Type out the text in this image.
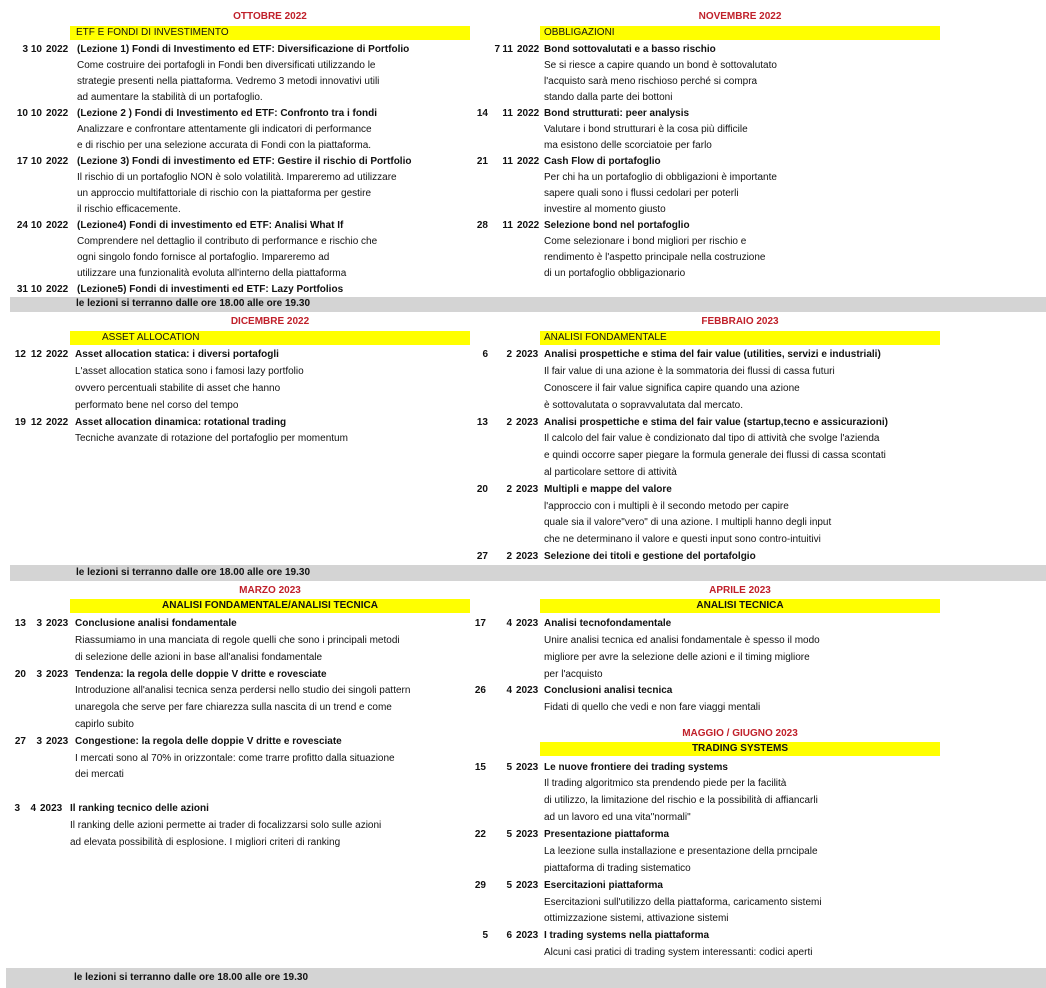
OTTOBRE 2022	NOVEMBRE 2022
ETF E FONDI DI INVESTIMENTO	OBBLIGAZIONI
3 10 2022 (Lezione 1) Fondi di Investimento ed ETF: Diversificazione di Portfolio
Come costruire dei portafogli in Fondi ben diversificati utilizzando le
strategie presenti nella piattaforma. Vedremo 3 metodi innovativi utili
ad aumentare la stabilità di un portafoglio.
10 10 2022 (Lezione 2 ) Fondi di Investimento ed ETF: Confronto tra i fondi
Analizzare e confrontare attentamente gli indicatori di performance
e di rischio per una selezione accurata di Fondi con la piattaforma.
17 10 2022 (Lezione 3) Fondi di investimento ed ETF: Gestire il rischio di Portfolio
Il rischio di un portafoglio NON è solo volatilità. Impareremo ad utilizzare
un approccio multifattoriale di rischio con la piattaforma per gestire
il rischio efficacemente.
24 10 2022 (Lezione4) Fondi di investimento ed ETF: Analisi What If
Comprendere nel dettaglio il contributo di performance e rischio che
ogni singolo fondo fornisce al portafoglio. Impareremo ad
utilizzare una funzionalità evoluta all'interno della piattaforma
31 10 2022 (Lezione5) Fondi di investimenti ed ETF: Lazy Portfolios
7 11 2022 Bond sottovalutati e a basso rischio
Se si riesce a capire quando un bond è sottovalutato
l'acquisto sarà meno rischioso perché si compra
stando dalla parte dei bottoni
14 11 2022 Bond strutturati: peer analysis
Valutare i bond strutturari è la cosa più difficile
ma esistono delle scorciatoie per farlo
21 11 2022 Cash Flow di portafoglio
Per chi ha un portafoglio di obbligazioni è importante
sapere quali sono i flussi cedolari per poterli
investire al momento giusto
28 11 2022 Selezione bond nel portafoglio
Come selezionare i bond migliori per rischio e
rendimento è l'aspetto principale nella costruzione
di un portafoglio obbligazionario
le lezioni si terranno dalle ore 18.00 alle ore 19.30
DICEMBRE 2022	FEBBRAIO 2023
ASSET ALLOCATION	ANALISI FONDAMENTALE
12 12 2022 Asset allocation statica: i diversi portafogli
L'asset allocation statica sono i famosi lazy portfolio
ovvero percentuali stabilite di asset che hanno
performato bene nel corso del tempo
19 12 2022 Asset allocation dinamica: rotational trading
Tecniche avanzate di rotazione del portafoglio per momentum
6	2 2023 Analisi prospettiche e stima del fair value (utilities, servizi e industriali)
Il fair value di una azione è la sommatoria dei flussi di cassa futuri
Conoscere il fair value significa capire quando una azione
è sottovalutata o sopravvalutata dal mercato.
13	2 2023 Analisi prospettiche e stima del fair value (startup,tecno e assicurazioni)
Il calcolo del fair value è condizionato dal tipo di attività che svolge l'azienda
e quindi occorre saper piegare la formula generale dei flussi di cassa scontati
al particolare settore di attività
20	2 2023 Multipli e mappe del valore
l'approccio con i multipli è il secondo metodo per capire
quale sia il valore"vero" di una azione. I multipli hanno degli input
che ne determinano il valore e questi input sono contro-intuitivi
27	2 2023 Selezione dei titoli e gestione del portafolgio
le lezioni si terranno dalle ore 18.00 alle ore 19.30
MARZO 2023	APRILE 2023
ANALISI FONDAMENTALE/ANALISI TECNICA	ANALISI TECNICA
13	3 2023 Conclusione analisi fondamentale
Riassumiamo in una manciata di regole quelli che sono i principali metodi
di selezione delle azioni in base all'analisi fondamentale
20	3 2023 Tendenza: la regola delle doppie V dritte e rovesciate
Introduzione all'analisi tecnica senza perdersi nello studio dei singoli pattern
unaregola che serve per fare chiarezza sulla nascita di un trend e come
capirlo subito
27	3 2023 Congestione: la regola delle doppie V dritte e rovesciate
I mercati sono al 70% in orizzontale: come trarre profitto dalla situazione
dei mercati
3	4 2023 Il ranking tecnico delle azioni
Il ranking delle azioni permette ai trader di focalizzarsi solo sulle azioni
ad elevata possibilità di esplosione. I migliori criteri di ranking
17	4 2023 Analisi tecnofondamentale
Unire analisi tecnica ed analisi fondamentale è spesso il modo
migliore per avre la selezione delle azioni e il timing migliore
per l'acquisto
26	4 2023 Conclusioni analisi tecnica
Fidati di quello che vedi e non fare viaggi mentali
MAGGIO / GIUGNO 2023
TRADING SYSTEMS
15	5 2023 Le nuove frontiere dei trading systems
Il trading algoritmico sta prendendo piede per la facilità
di utilizzo, la limitazione del rischio e la possibilità di affiancarli
ad un lavoro ed una vita"normali"
22	5 2023 Presentazione piattaforma
La leezione sulla installazione e presentazione della prncipale
piattaforma di trading sistematico
29	5 2023 Esercitazioni piattaforma
Esercitazioni sull'utilizzo della piattaforma, caricamento sistemi
ottimizzazione sistemi, attivazione sistemi
5	6 2023 I trading systems nella piattaforma
Alcuni casi pratici di trading system interessanti: codici aperti
le lezioni si terranno dalle ore 18.00 alle ore 19.30
